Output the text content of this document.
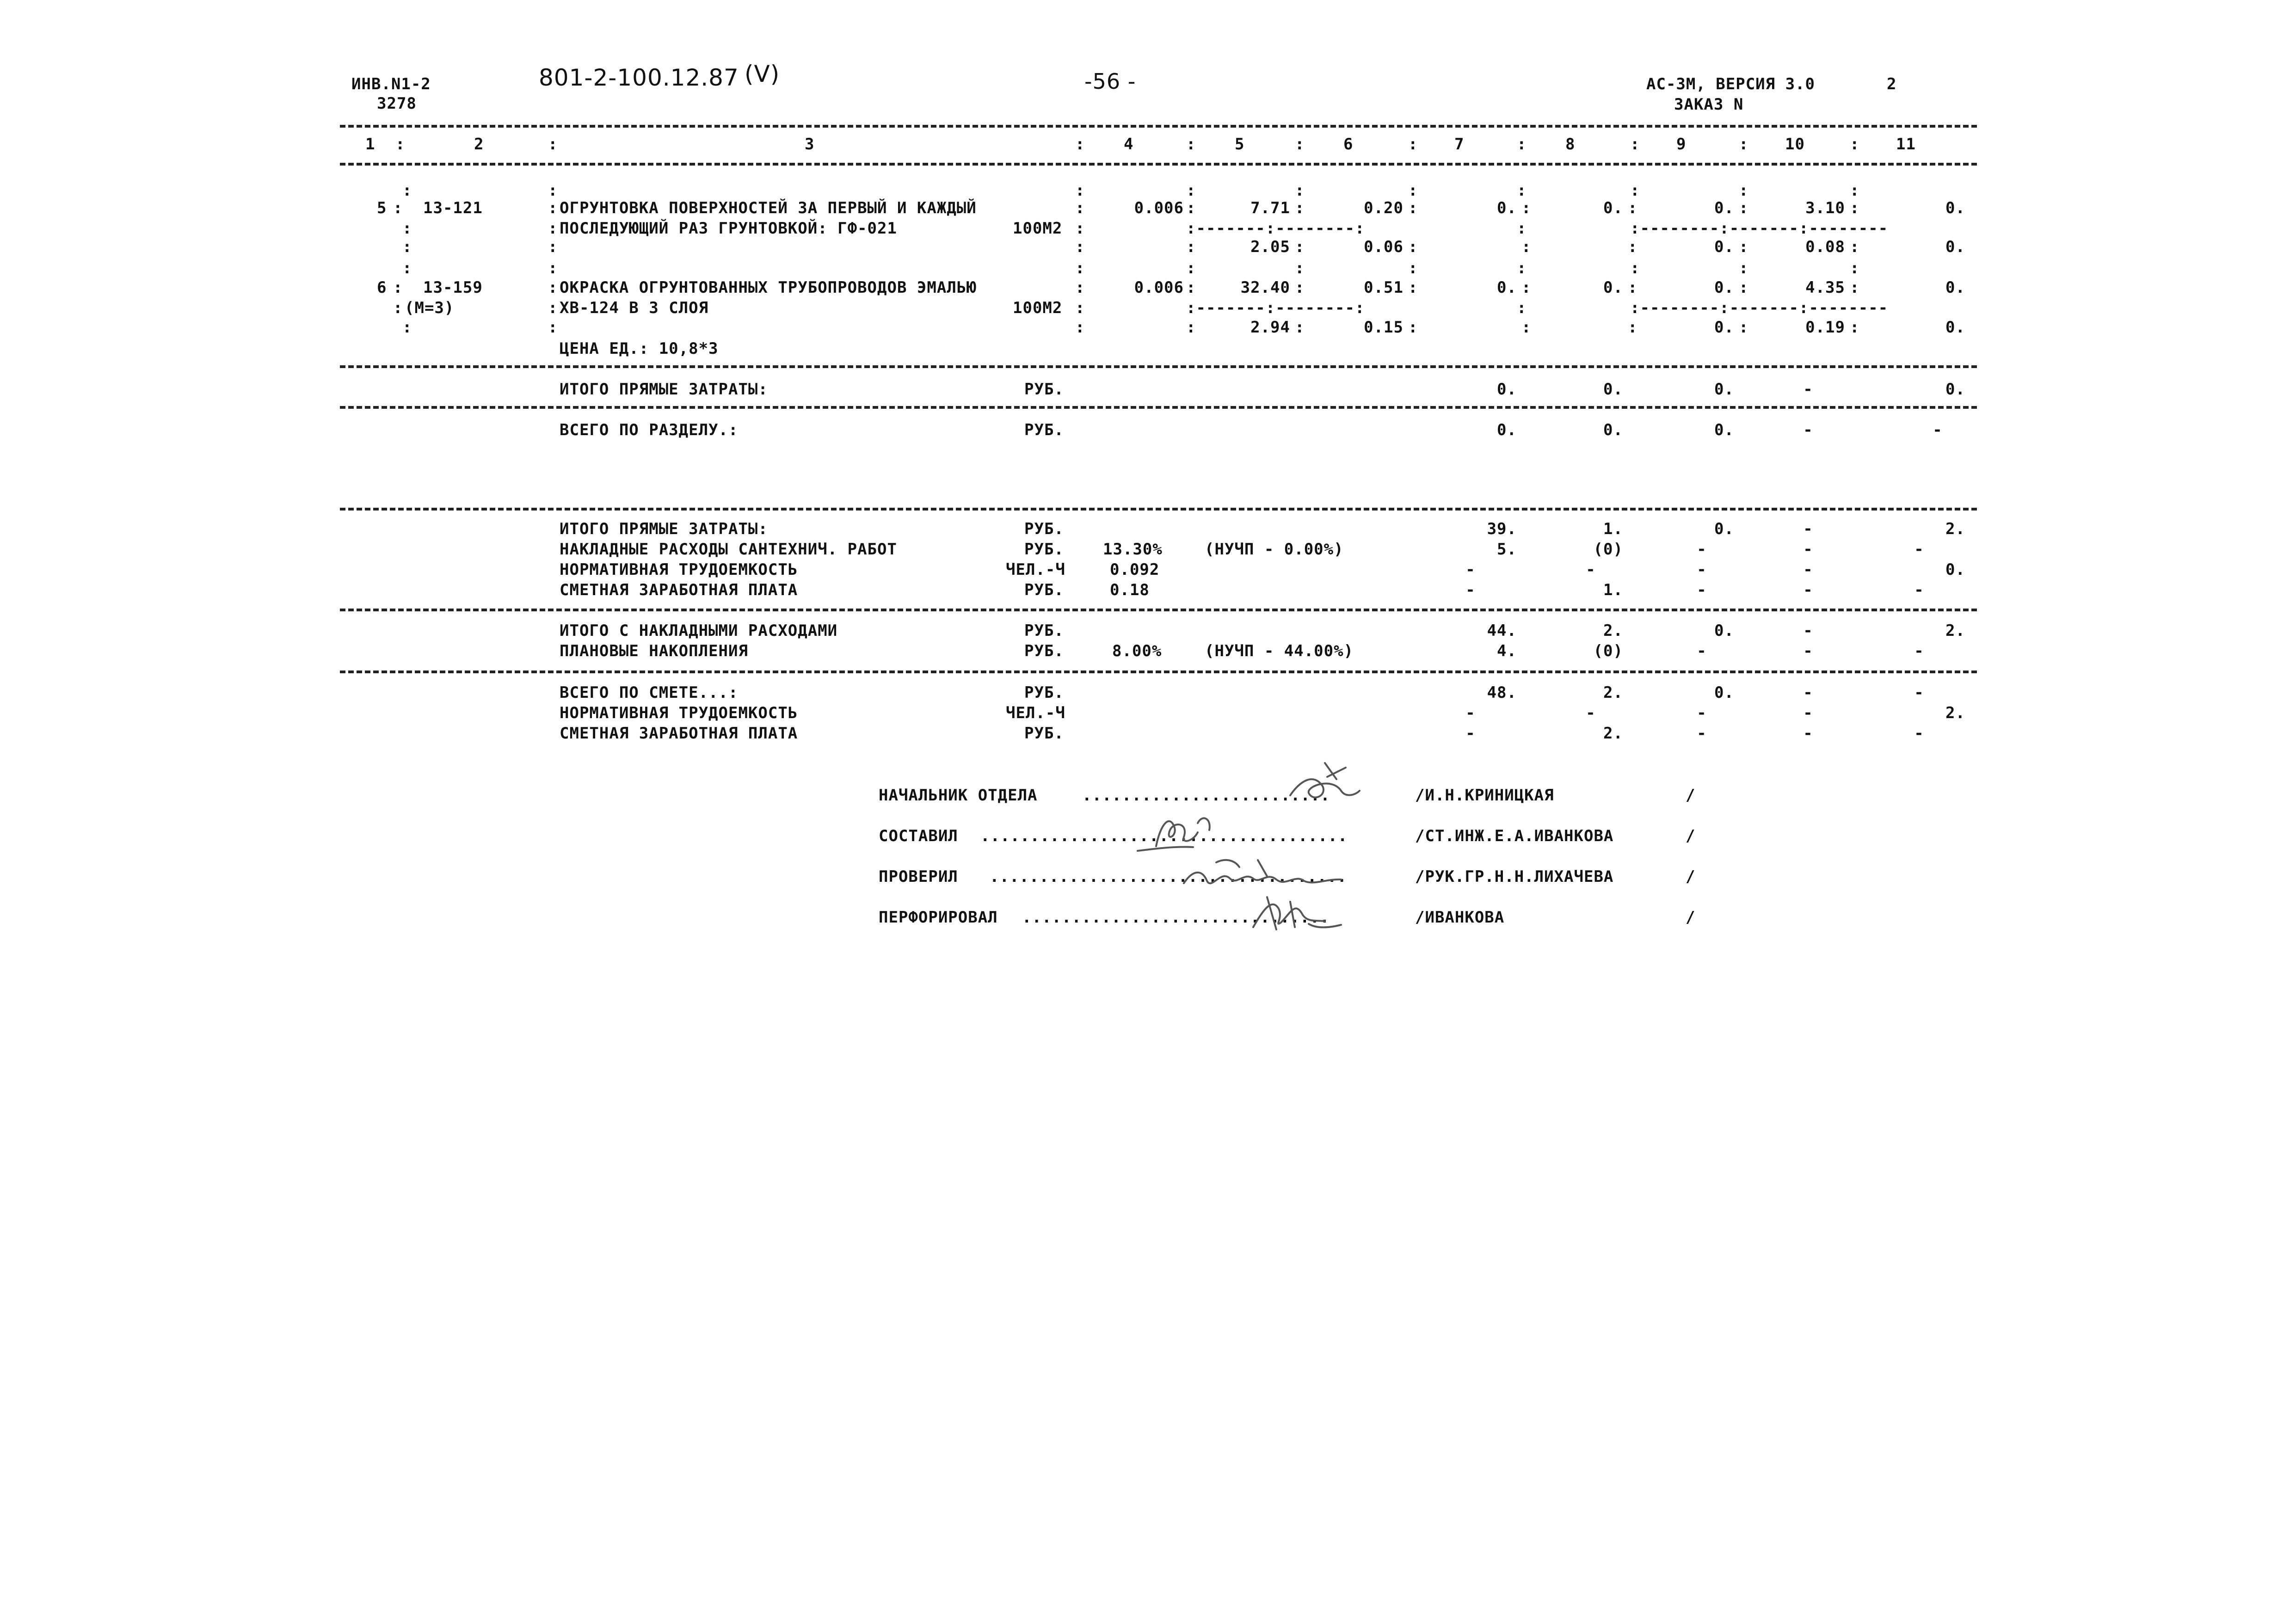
ИНВ.N1-2
3278
801-2-100.12.87 (V)	-56 -	АС-3М, ВЕРСИЯ 3.0	2
ЗАКАЗ N
1 :	2	:	3	: 4	: 5	: 6	: 7	: 8	: 9	: 10	: 11
:	:	:	:	:	:	:	:	:	:
5 : 13-121	: ОГРУНТОВКА ПОВЕРХНОСТЕЙ ЗА ПЕРВЫЙ И КАЖДЫЙ	:	0.006 :	7.71 :	0.20 :	0. :	0. :	0. :	3.10 :	0.
:	: ПОСЛЕДУЮЩИЙ РАЗ ГРУНТОВКОЙ: ГФ-021	100М2 :	:-------:--------:	:	:--------:-------:--------
:	:	:	:	2.05 :	0.06 :	:	:	0. :	0.08 :	0.
:	:	:	:	:	:	:	:	:	:
6 : 13-159	: ОКРАСКА ОГРУНТОВАННЫХ ТРУБОПРОВОДОВ ЭМАЛЬЮ	:	0.006 :	32.40 :	0.51 :	0. :	0. :	0. :	4.35 :	0.
: (М=3)	: ХВ-124 В 3 СЛОЯ	100М2 :	:-------:--------:	:	:--------:-------:--------
:	:	:	:	2.94 :	0.15 :	:	:	0. :	0.19 :	0.
ЦЕНА ЕД.: 10,8*3
ИТОГО ПРЯМЫЕ ЗАТРАТЫ:	РУБ.	0.	0.	0.	-	0.
ВСЕГО ПО РАЗДЕЛУ.:	РУБ.	0.	0.	0.	-	-
ИТОГО ПРЯМЫЕ ЗАТРАТЫ:	РУБ.	39.	1.	0.	-	2.
НАКЛАДНЫЕ РАСХОДЫ САНТЕХНИЧ. РАБОТ	РУБ. 13.30%	(НУЧП - 0.00%)	5.	(0)	-	-	-
НОРМАТИВНАЯ ТРУДОЕМКОСТЬ	ЧЕЛ.-Ч	0.092	-	-	-	-	0.
СМЕТНАЯ ЗАРАБОТНАЯ ПЛАТА	РУБ.	0.18	-	1.	-	-	-
ИТОГО С НАКЛАДНЫМИ РАСХОДАМИ	РУБ.	44.	2.	0.	-	2.
ПЛАНОВЫЕ НАКОПЛЕНИЯ	РУБ.	8.00%	(НУЧП - 44.00%)	4.	(0)	-	-	-
ВСЕГО ПО СМЕТЕ...:	РУБ.	48.	2.	0.	-	-
НОРМАТИВНАЯ ТРУДОЕМКОСТЬ	ЧЕЛ.-Ч	-	-	-	-	2.
СМЕТНАЯ ЗАРАБОТНАЯ ПЛАТА	РУБ.	-	2.	-	-	-
НАЧАЛЬНИК ОТДЕЛА	.........................	/И.Н.КРИНИЦКАЯ	/
СОСТАВИЛ .....................................	/СТ.ИНЖ.Е.А.ИВАНКОВА	/
ПРОВЕРИЛ ....................................	/РУК.ГР.Н.Н.ЛИХАЧЕВА	/
ПЕРФОРИРОВАЛ ...............................	/ИВАНКОВА	/
